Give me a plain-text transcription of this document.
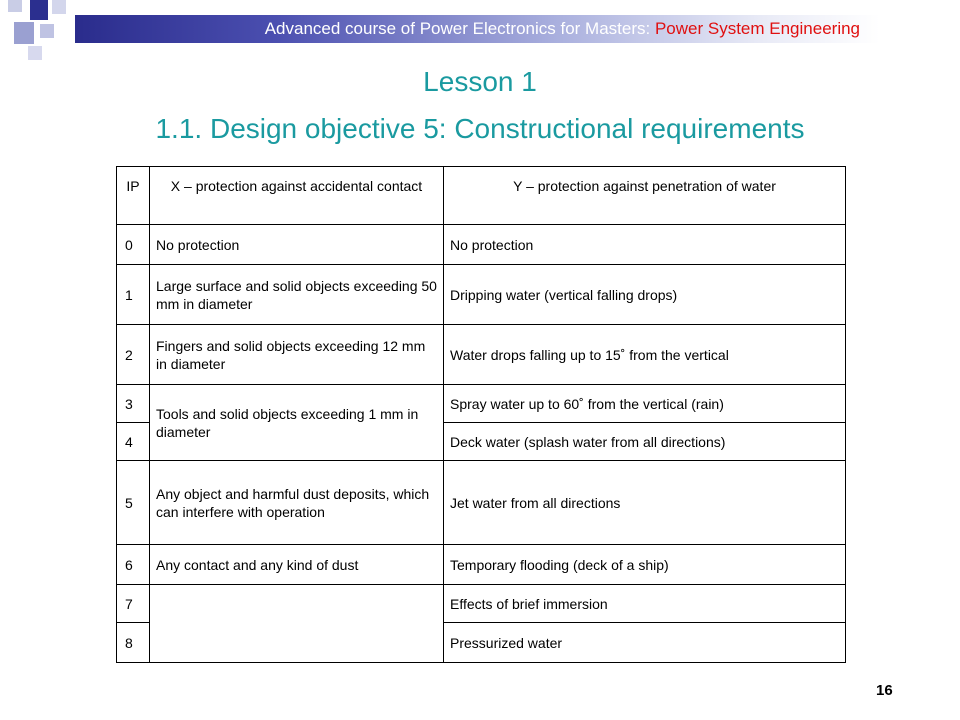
Advanced course of Power Electronics for Masters: Power System Engineering
Lesson 1
1.1. Design objective 5: Constructional requirements
IP	X – protection against accidental contact	Y – protection against penetration of water
0	No protection	No protection
1	Large surface and solid objects exceeding 50 mm in diameter	Dripping water (vertical falling drops)
2	Fingers and solid objects exceeding 12 mm in diameter	Water drops falling up to 15˚ from the vertical
3	Tools and solid objects exceeding 1 mm in diameter	Spray water up to 60˚ from the vertical (rain)
4		Deck water (splash water from all directions)
5	Any object and harmful dust deposits, which can interfere with operation	Jet water from all directions
6	Any contact and any kind of dust	Temporary flooding (deck of a ship)
7		Effects of brief immersion
8		Pressurized water
16
